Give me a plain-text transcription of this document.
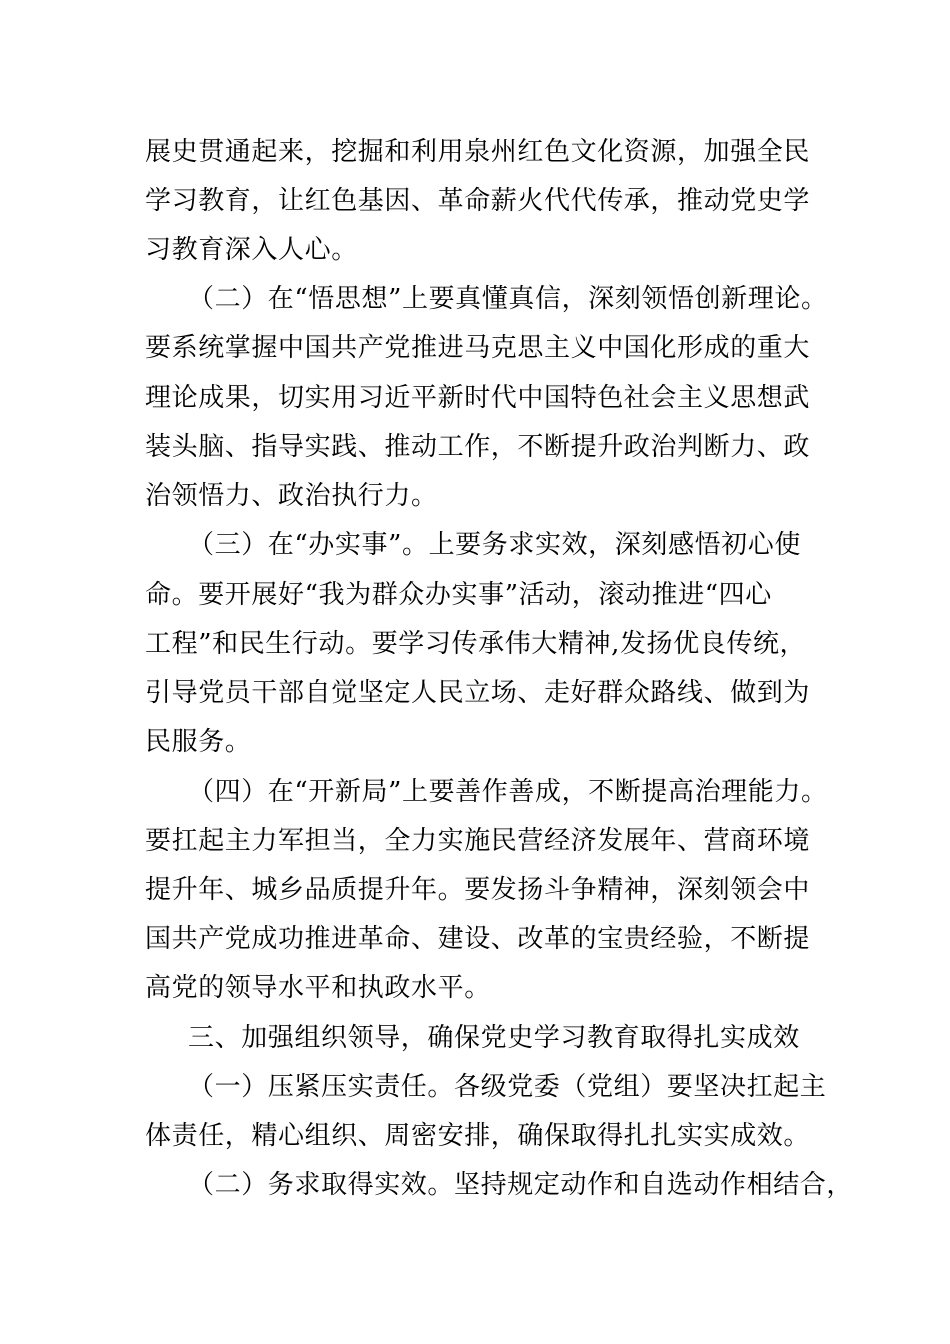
展史贯通起来，挖掘和利用泉州红色文化资源，加强全民
学习教育，让红色基因、革命薪火代代传承，推动党史学
习教育深入人心。
（二）在“悟思想”上要真懂真信，深刻领悟创新理论。
要系统掌握中国共产党推进马克思主义中国化形成的重大
理论成果，切实用习近平新时代中国特色社会主义思想武
装头脑、指导实践、推动工作，不断提升政治判断力、政
治领悟力、政治执行力。
（三）在“办实事”。上要务求实效，深刻感悟初心使
命。要开展好“我为群众办实事”活动，滚动推进“四心
工程”和民生行动。要学习传承伟大精神,发扬优良传统，
引导党员干部自觉坚定人民立场、走好群众路线、做到为
民服务。
（四）在“开新局”上要善作善成，不断提高治理能力。
要扛起主力军担当，全力实施民营经济发展年、营商环境
提升年、城乡品质提升年。要发扬斗争精神，深刻领会中
国共产党成功推进革命、建设、改革的宝贵经验，不断提
高党的领导水平和执政水平。
三、加强组织领导，确保党史学习教育取得扎实成效
（一）压紧压实责任。各级党委（党组）要坚决扛起主
体责任，精心组织、周密安排，确保取得扎扎实实成效。
（二）务求取得实效。坚持规定动作和自选动作相结合，
